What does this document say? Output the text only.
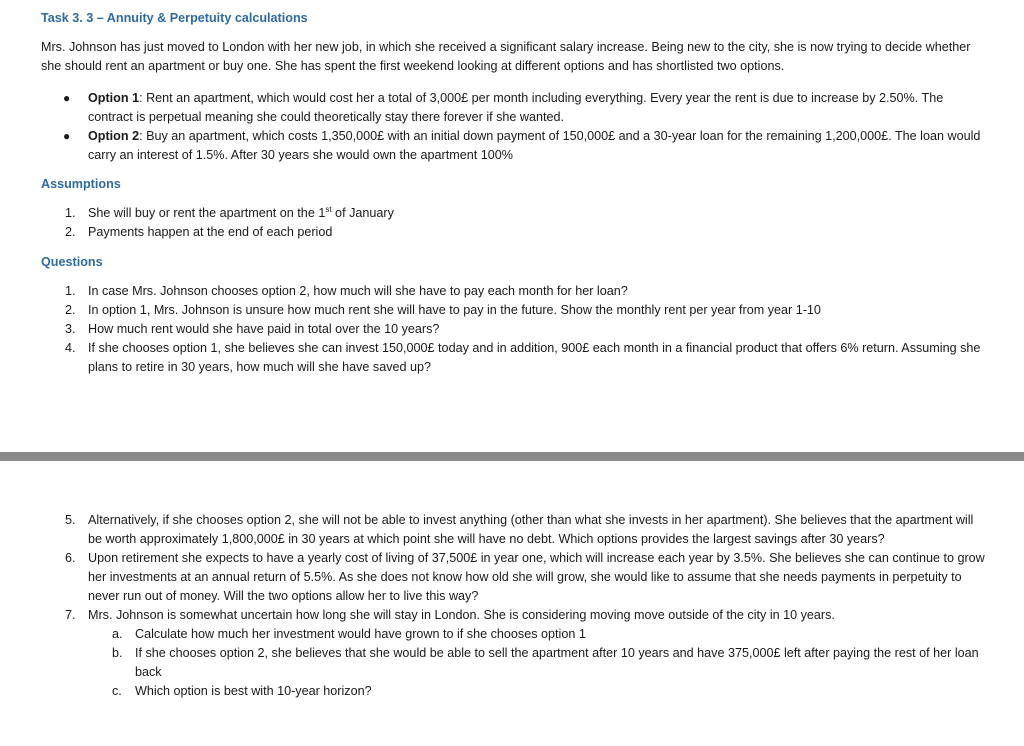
Task 3. 3 – Annuity & Perpetuity calculations

Mrs. Johnson has just moved to London with her new job, in which she received a significant salary increase. Being new to the city, she is now trying to decide whether she should rent an apartment or buy one. She has spent the first weekend looking at different options and has shortlisted two options.

● Option 1: Rent an apartment, which would cost her a total of 3,000£ per month including everything. Every year the rent is due to increase by 2.50%. The contract is perpetual meaning she could theoretically stay there forever if she wanted.
● Option 2: Buy an apartment, which costs 1,350,000£ with an initial down payment of 150,000£ and a 30-year loan for the remaining 1,200,000£. The loan would carry an interest of 1.5%. After 30 years she would own the apartment 100%
Assumptions
1. She will buy or rent the apartment on the 1st of January
2. Payments happen at the end of each period
Questions
1. In case Mrs. Johnson chooses option 2, how much will she have to pay each month for her loan?
2. In option 1, Mrs. Johnson is unsure how much rent she will have to pay in the future. Show the monthly rent per year from year 1-10
3. How much rent would she have paid in total over the 10 years?
4. If she chooses option 1, she believes she can invest 150,000£ today and in addition, 900£ each month in a financial product that offers 6% return. Assuming she plans to retire in 30 years, how much will she have saved up?
5. Alternatively, if she chooses option 2, she will not be able to invest anything (other than what she invests in her apartment). She believes that the apartment will be worth approximately 1,800,000£ in 30 years at which point she will have no debt. Which options provides the largest savings after 30 years?
6. Upon retirement she expects to have a yearly cost of living of 37,500£ in year one, which will increase each year by 3.5%. She believes she can continue to grow her investments at an annual return of 5.5%. As she does not know how old she will grow, she would like to assume that she needs payments in perpetuity to never run out of money. Will the two options allow her to live this way?
7. Mrs. Johnson is somewhat uncertain how long she will stay in London. She is considering moving move outside of the city in 10 years.
a. Calculate how much her investment would have grown to if she chooses option 1
b. If she chooses option 2, she believes that she would be able to sell the apartment after 10 years and have 375,000£ left after paying the rest of her loan back
c. Which option is best with 10-year horizon?
